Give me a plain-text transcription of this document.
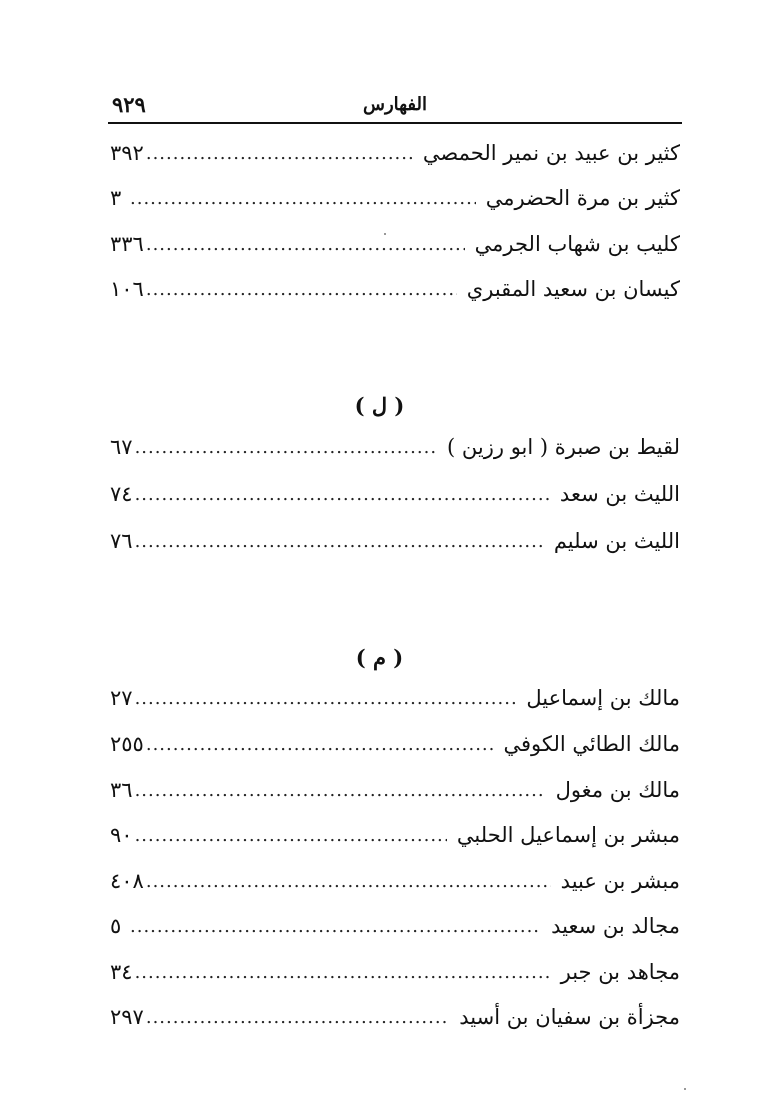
٩٢٩	الفهارس
كثير بن عبيد بن نمير الحمصي
.....
٣٩٢
كثير بن مرة الحضرمي
.....
٣
كليب بن شهاب الجرمي
.....
٣٣٦
كيسان بن سعيد المقبري
.....
١٠٦
( ل )
لقيط بن صبرة ( ابو رزين )
.....
٦٧
الليث بن سعد
.....
٧٤
الليث بن سليم
.....
٧٦
( م )
مالك بن إسماعيل
.....
٢٧
مالك الطائي الكوفي
.....
٢٥٥
مالك بن مغول
.....
٣٦
مبشر بن إسماعيل الحلبي
.....
٩٠
مبشر بن عبيد
.....
٤٠٨
مجالد بن سعيد
.....
٥
مجاهد بن جبر
.....
٣٤
مجزأة بن سفيان بن أسيد
.....
٢٩٧
